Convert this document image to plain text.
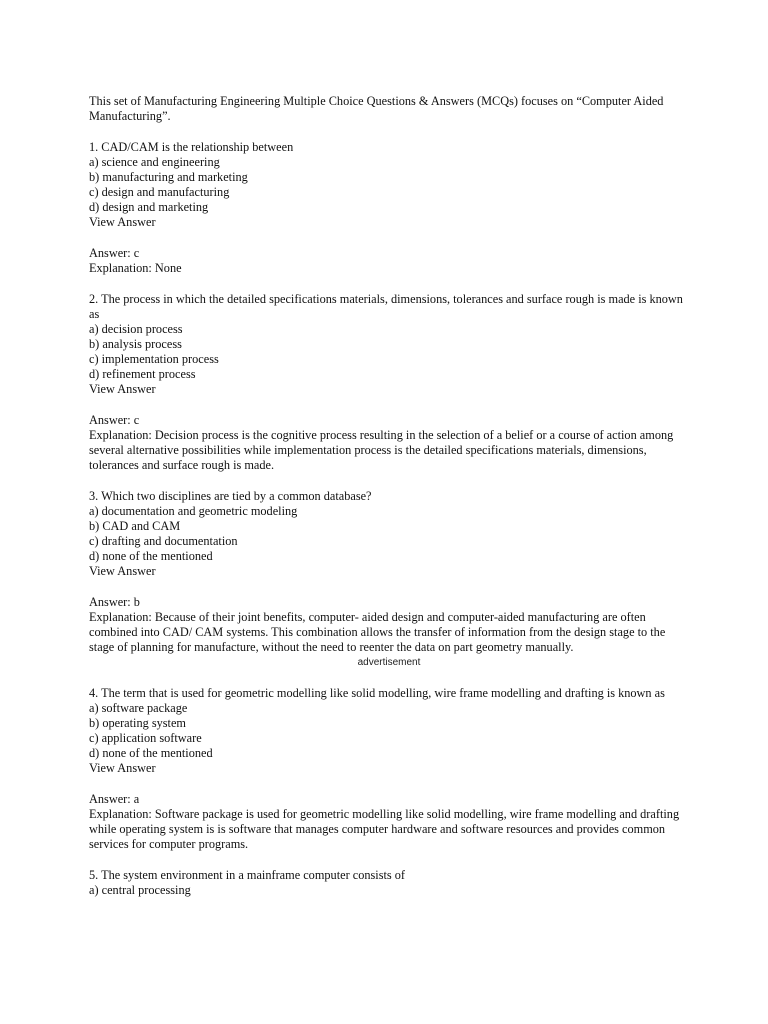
This set of Manufacturing Engineering Multiple Choice Questions & Answers (MCQs) focuses on “Computer Aided Manufacturing”.

1. CAD/CAM is the relationship between
a) science and engineering
b) manufacturing and marketing
c) design and manufacturing
d) design and marketing
View Answer
Answer: c
Explanation: None
2. The process in which the detailed specifications materials, dimensions, tolerances and surface rough is made is known as
a) decision process
b) analysis process
c) implementation process
d) refinement process
View Answer
Answer: c
Explanation: Decision process is the cognitive process resulting in the selection of a belief or a course of action among several alternative possibilities while implementation process is the detailed specifications materials, dimensions, tolerances and surface rough is made.
3. Which two disciplines are tied by a common database?
a) documentation and geometric modeling
b) CAD and CAM
c) drafting and documentation
d) none of the mentioned
View Answer
Answer: b
Explanation: Because of their joint benefits, computer- aided design and computer-aided manufacturing are often combined into CAD/ CAM systems. This combination allows the transfer of information from the design stage to the stage of planning for manufacture, without the need to reenter the data on part geometry manually.
advertisement
4. The term that is used for geometric modelling like solid modelling, wire frame modelling and drafting is known as
a) software package
b) operating system
c) application software
d) none of the mentioned
View Answer
Answer: a
Explanation: Software package is used for geometric modelling like solid modelling, wire frame modelling and drafting while operating system is is software that manages computer hardware and software resources and provides common services for computer programs.
5. The system environment in a mainframe computer consists of
a) central processing
